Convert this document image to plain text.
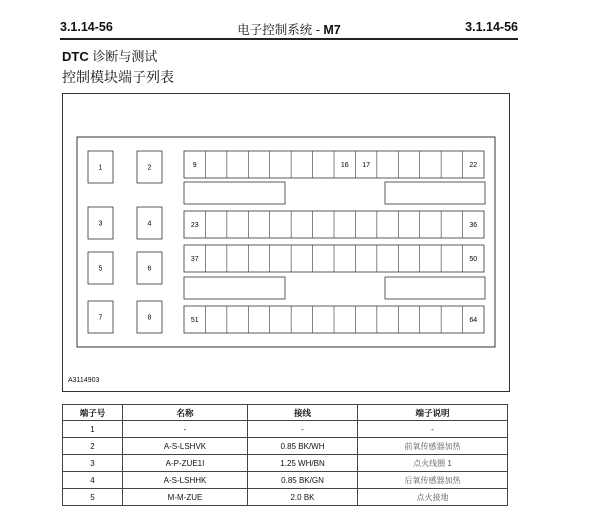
3.1.14-56	电子控制系统 - M7	3.1.14-56
DTC 诊断与测试
控制模块端子列表
1	2
3	4
5	6
7	8
9	16 17	22
23	36
37	50
51	64
A3114903
端子号	名称	接线	端子说明
1	-	-	-
2	A-S-LSHVK	0.85 BK/WH	前氧传感器加热
3	A-P-ZUE1I	1.25 WH/BN	点火线圈 1
4	A-S-LSHHK	0.85 BK/GN	后氧传感器加热
5	M-M-ZUE	2.0 BK	点火接地
